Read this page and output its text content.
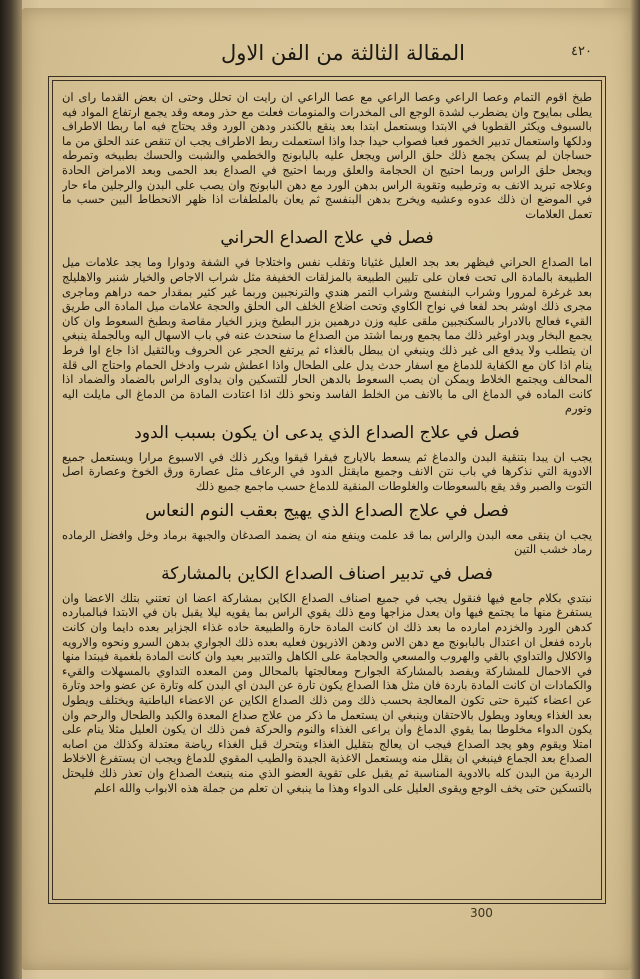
المقالة الثالثة من الفن الاول	٤٢٠

طبخ اقوم التمام وعصا الراعي وعصا الراعي مع عصا الراعي ان رايت ان تحلل وحتى ان بعض القدما راى ان يطلى بمايوح وان يضطرب لشدة الوجع الى المخدرات والمنومات فعلت مع حذر ومعه وقد يجمع ارتفاع المواد فيه بالسبوف ويكثر القطوبا في الابتدا ويستعمل ابتدا بعد ينقع بالكندر ودهن الورد وقد يحتاج فيه اما ربطا الاطراف ودلكها واستعمال تدبير الخمور فعبا فصواب حيدا جدا واذا استعملت ربط الاطراف يجب ان تنقص عند الحلق من ما حساجان لم يسكن يجمع ذلك حلق الراس ويجعل عليه بالبابونج والخطمي والشبت والحسك بطبيخه وتمرطه ويجعل حلق الراس وربما احتيج ان الحجامة والعلق وربما احتيج في الصداع بعد الحمى وبعد الامراض الحادة وعلاجه تبريد الانف به وترطيبه وتقوية الراس بدهن الورد مع دهن البابونج وان يصب على البدن والرجلين ماء حار في الموضع ان ذلك عدوه وعشيه ويخرج بدهن البنفسج ثم يعان بالملطفات اذا ظهر الانحطاط البين حسب ما تعمل العلامات

فصل في علاج الصداع الحراني

اما الصداع الحراني فيظهر بعد بجد العليل غثيانا وتقلب نفس واختلاجا في الشفة ودوارا وما يجد علامات ميل الطبيعة بالمادة الى تحت فعان على تليين الطبيعة بالمزلقات الخفيفة مثل شراب الاجاص والخيار شنبر والاهليلج بعد غرغرة لمرورا وشراب البنفسج وشراب التمر هندي والترنجبين وربما غير كثير بمقدار حمه دراهم وماجرى مجرى ذلك اوشر بحد لفعا في نواح الكاوي وتحت اضلاع الخلف الى الحلق والحجة علامات ميل المادة الى طريق القيء فعالج بالادرار بالسكنجبين ملقى عليه وزن درهمين بزر البطيخ ويزر الخيار مقاصة وبطبخ السعوط وان كان يجمع البخار ويدر اوغير ذلك مما يجمع وربما اشتد من الصداع ما سنحدث عنه في باب الاسهال اليه وبالجملة ينبغي ان يتطلب ولا يدفع الى غير ذلك وينبغي ان يبطل بالغذاء ثم يرتفع الحجر عن الحروف وبالثقيل اذا جاع اوا فرط ينام اذا كان مع الكفاية للدماغ مع اسفار حدث يدل على الطحال واذا اعطش شرب وادخل الحمام واحتاج الى قلة المحالف ويجتمع الخلاط ويمكن ان يصب السعوط بالدهن الحار للتسكين وان يداوى الراس بالضماد والضماد اذا كانت الماده في الدماغ الى ما بالانف من الخلط الفاسد ونحو ذلك اذا اعتادت المادة من الدماغ الى مايلت اليه وتورم

فصل في علاج الصداع الذي يدعى ان يكون بسبب الدود

يجب ان يبدا بتنقية البدن والدماغ ثم يسعط بالايارج فيقرا قيقوا ويكرر ذلك في الاسبوع مرارا ويستعمل جميع الادوية التي نذكرها في باب نتن الانف وجميع مايقتل الدود في الرعاف مثل عصارة ورق الخوخ وعصارة اصل التوت والصبر وقد يقع بالسعوطات والغلوطات المنقية للدماغ حسب ماجمع جميع ذلك

فصل في علاج الصداع الذي يهيج بعقب النوم النعاس

يجب ان ينقى معه البدن والراس بما قد علمت وينفع منه ان يضمد الصدغان والجبهة برماد وخل وافضل الرماده رماد خشب التين

فصل في تدبير اصناف الصداع الكاين بالمشاركة

نبتدي بكلام جامع فيها فنقول يجب في جميع اصناف الصداع الكاين بمشاركة اعضا ان تعتني بتلك الاعضا وان يستفرغ منها ما يجتمع فيها وان يعدل مزاجها ومع ذلك يقوي الراس بما يقويه ليلا يقبل بان في الابتدا فبالمبارده كدهن الورد والخزدم امارده ما بعد ذلك ان كانت المادة حارة والطبيعة حاده غذاء الجزاير بعده دايما وان كانت بارده ففعل ان اعتدال بالبابونج مع دهن الاس ودهن الاذريون فعليه بعده ذلك الجواري بدهن السرو ونحوه والارويه والاكلال والتداوي بالقي والهروب والمسعي والحجامة على الكاهل والتدبير بعيد وان كانت المادة بلغمية فيبتدا منها في الاحمال للمشاركة ويفصد بالمشاركة الجوارح ومعالجتها بالمحالل ومن المعده التداوي بالمسهلات والقيء والكمادات ان كانت المادة باردة فان مثل هذا الصداع يكون تارة عن البدن اي البدن كله وتارة عن عضو واحد وتارة عن اعضاء كثيرة حتى تكون المعالجة بحسب ذلك ومن ذلك الصداع الكاين عن الاعضاء الباطنية ويختلف ويطول بعد الغذاء ويعاود ويطول بالاحتقان وينبغي ان يستعمل ما ذكر من علاج صداع المعدة والكبد والطحال والرحم وان يكون الدواء مخلوطا بما يقوي الدماغ وان يراعى الغذاء والنوم والحركة فمن ذلك ان يكون العليل مثلا ينام على امتلا ويقوم وهو يجد الصداع فيجب ان يعالج بتقليل الغذاء ويتحرك قبل الغذاء رياضة معتدلة وكذلك من اصابه الصداع بعد الجماع فينبغي ان يقلل منه ويستعمل الاغذية الجيدة والطيب المقوي للدماغ ويجب ان يستفرغ الاخلاط الردية من البدن كله بالادوية المناسبة ثم يقبل على تقوية العضو الذي منه ينبعث الصداع وان تعذر ذلك فليحتل بالتسكين حتى يخف الوجع ويقوى العليل على الدواء وهذا ما ينبغي ان تعلم من جملة هذه الابواب والله اعلم

300
